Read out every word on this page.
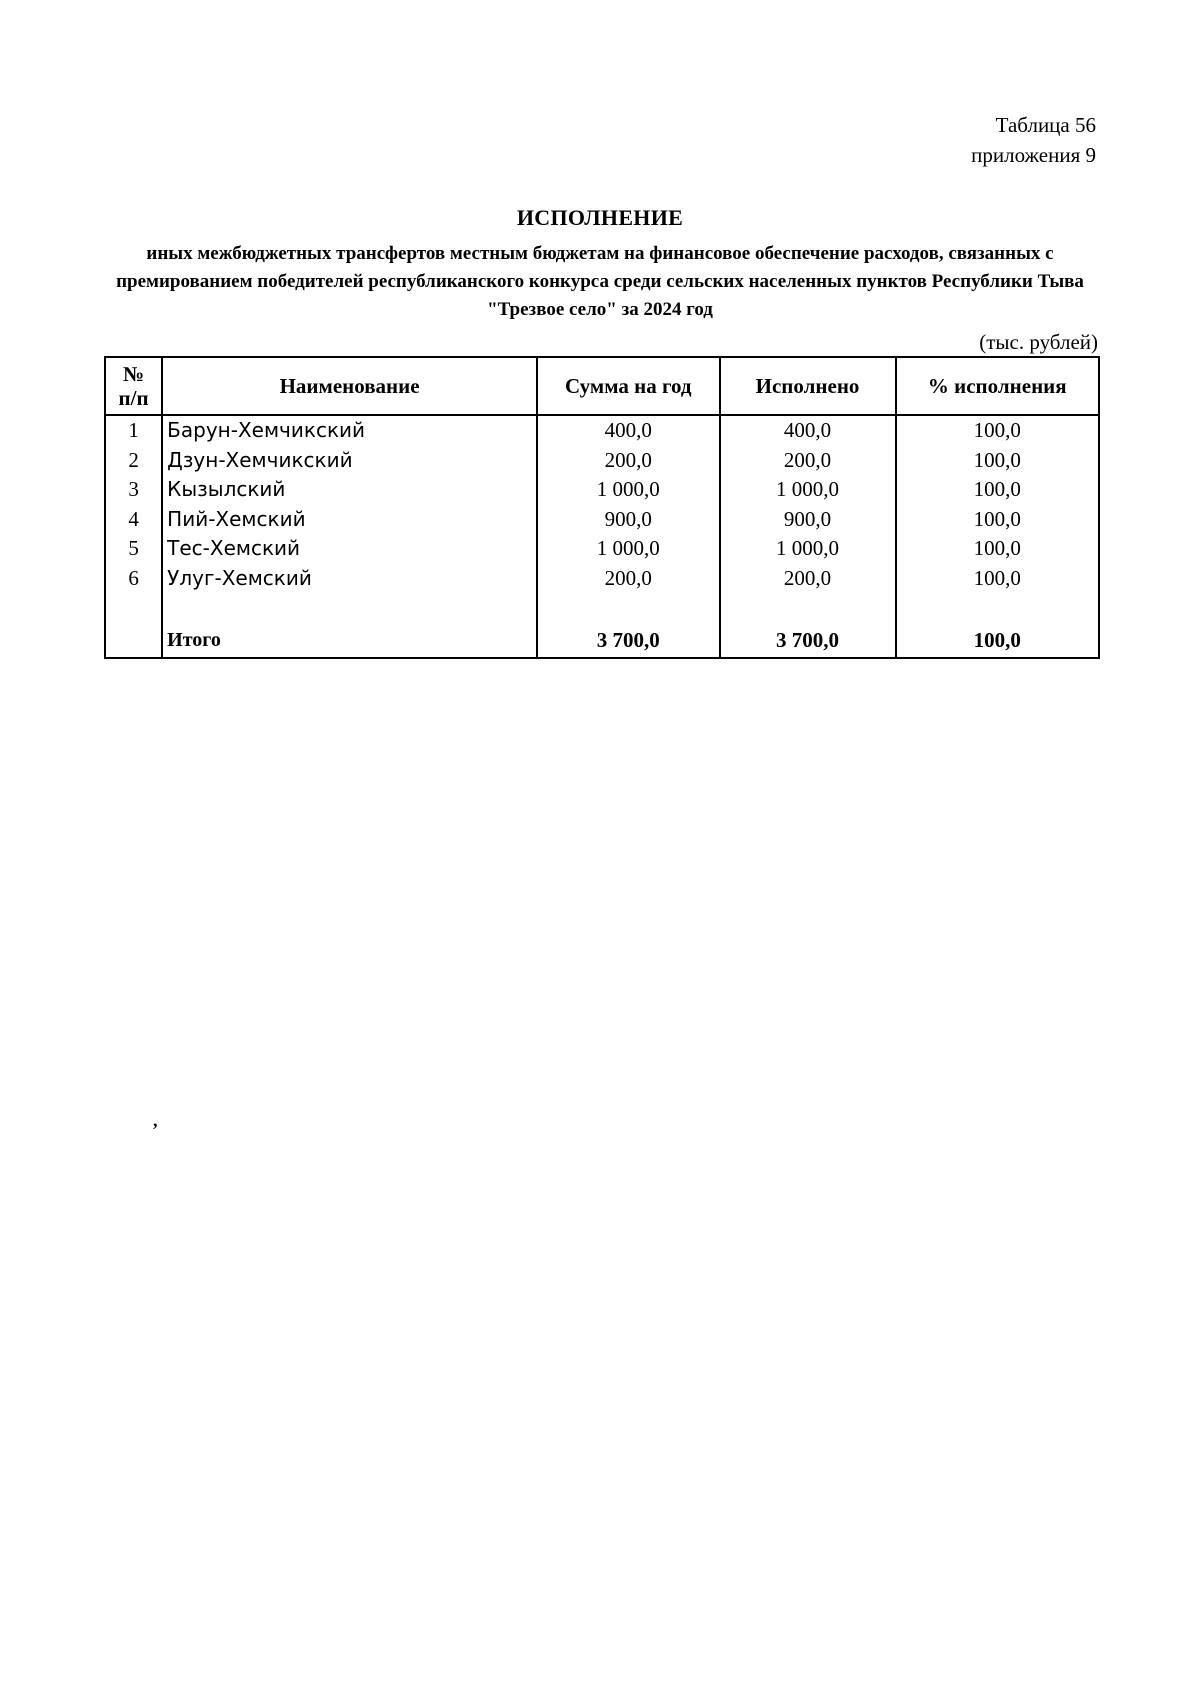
Таблица 56
приложения 9
ИСПОЛНЕНИЕ
иных межбюджетных трансфертов местным бюджетам на финансовое обеспечение расходов, связанных с премированием победителей республиканского конкурса среди сельских населенных пунктов Республики Тыва "Трезвое село" за 2024 год
(тыс. рублей)
№
п/п	Наименование	Сумма на год	Исполнено	% исполнения
1	Барун-Хемчикский	400,0	400,0	100,0
2	Дзун-Хемчикский	200,0	200,0	100,0
3	Кызылский	1 000,0	1 000,0	100,0
4	Пий-Хемский	900,0	900,0	100,0
5	Тес-Хемский	1 000,0	1 000,0	100,0
6	Улуг-Хемский	200,0	200,0	100,0

	Итого	3 700,0	3 700,0	100,0
,
